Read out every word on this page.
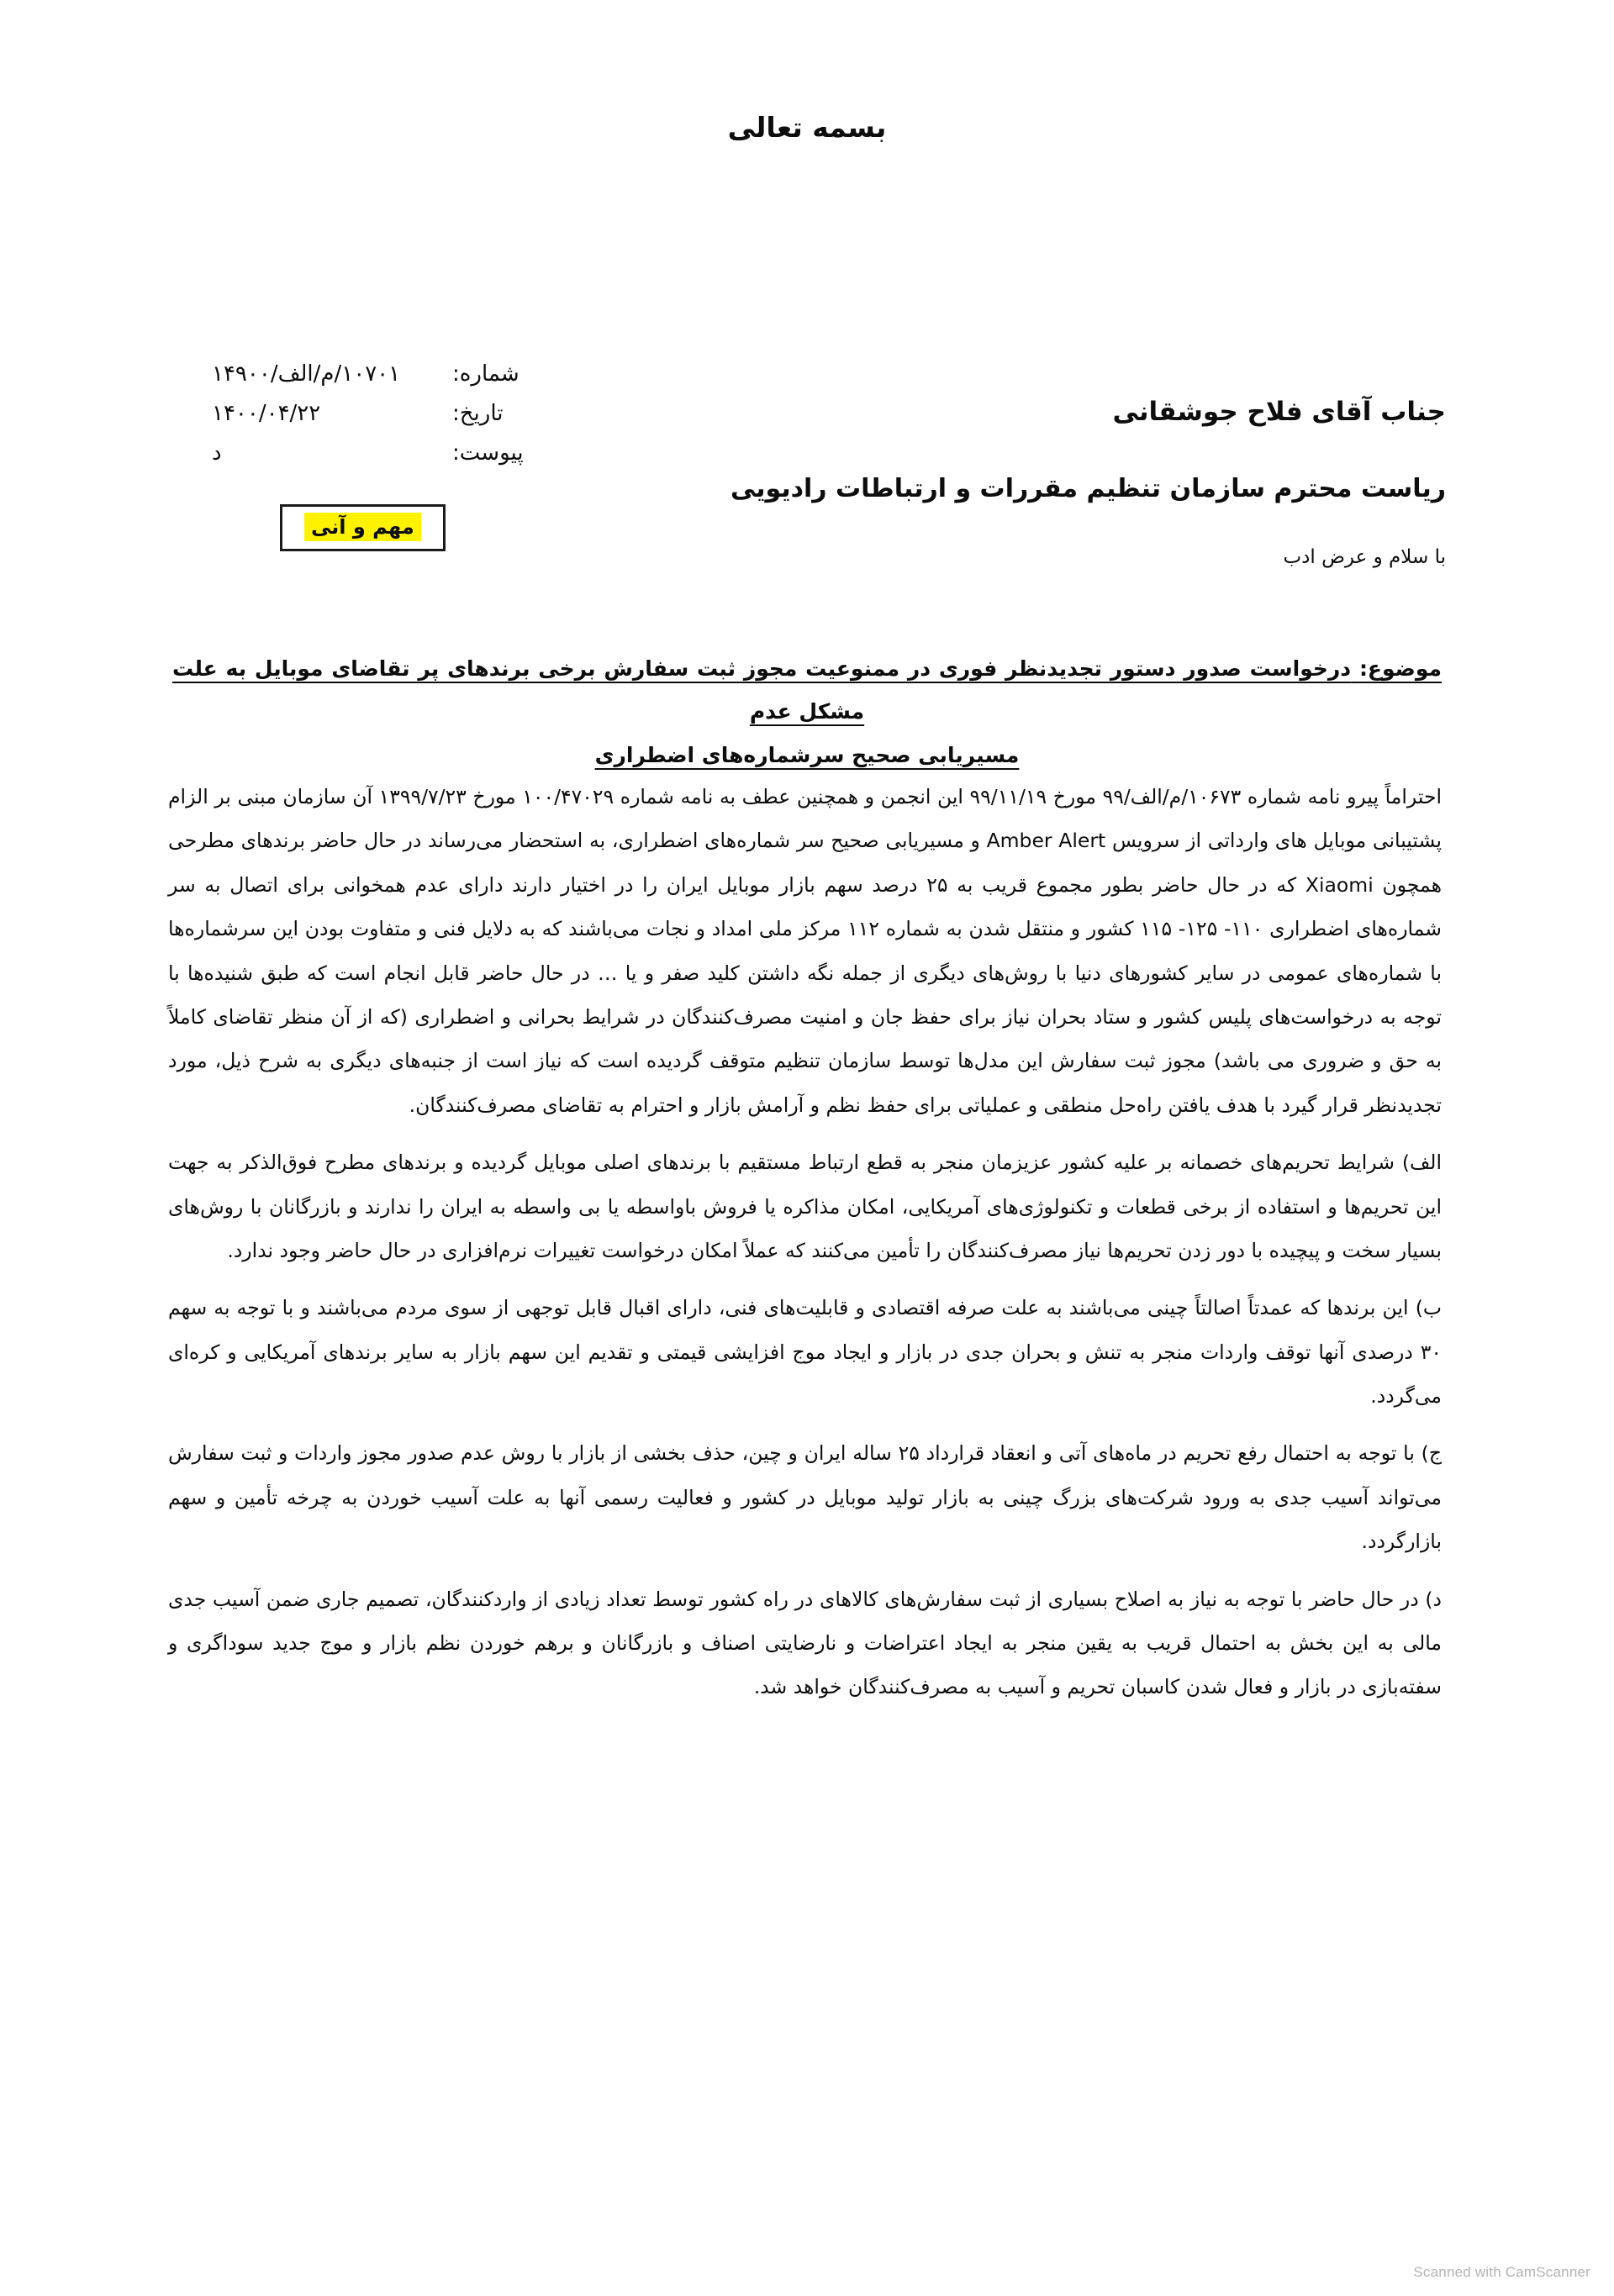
بسمه تعالی
شماره:
۱۰۷۰۱/م/الف/۱۴۹۰۰
تاریخ:
۱۴۰۰/۰۴/۲۲
پیوست:
د
مهم و آنی
جناب آقای فلاح جوشقانی
ریاست محترم سازمان تنظیم مقررات و ارتباطات رادیویی
با سلام و عرض ادب
موضوع: درخواست صدور دستور تجدیدنظر فوری در ممنوعیت مجوز ثبت سفارش برخی برندهای پر تقاضای موبایل به علت مشکل عدم
مسیریابی صحیح سرشماره‌های اضطراری

احتراماً پیرو نامه شماره ۱۰۶۷۳/م/الف/۹۹ مورخ ۹۹/۱۱/۱۹ این انجمن و همچنین عطف به نامه شماره ۱۰۰/۴۷۰۲۹ مورخ ۱۳۹۹/۷/۲۳ آن سازمان مبنی بر الزام پشتیبانی موبایل های وارداتی از سرویس Amber Alert و مسیریابی صحیح سر شماره‌های اضطراری، به استحضار می‌رساند در حال حاضر برندهای مطرحی همچون Xiaomi که در حال حاضر بطور مجموع قریب به ۲۵ درصد سهم بازار موبایل ایران را در اختیار دارند دارای عدم همخوانی برای اتصال به سر شماره‌های اضطراری ۱۱۰- ۱۲۵- ۱۱۵ کشور و منتقل شدن به شماره ۱۱۲ مرکز ملی امداد و نجات می‌باشند که به دلایل فنی و متفاوت بودن این سرشماره‌ها با شماره‌های عمومی در سایر کشورهای دنیا با روش‌های دیگری از جمله نگه داشتن کلید صفر و یا … در حال حاضر قابل انجام است که طبق شنیده‌ها با توجه به درخواست‌های پلیس کشور و ستاد بحران نیاز برای حفظ جان و امنیت مصرف‌کنندگان در شرایط بحرانی و اضطراری (که از آن منظر تقاضای کاملاً به حق و ضروری می باشد) مجوز ثبت سفارش این مدل‌ها توسط سازمان تنظیم متوقف گردیده است که نیاز است از جنبه‌های دیگری به شرح ذیل، مورد تجدیدنظر قرار گیرد با هدف یافتن راه‌حل منطقی و عملیاتی برای حفظ نظم و آرامش بازار و احترام به تقاضای مصرف‌کنندگان.

الف) شرایط تحریم‌های خصمانه بر علیه کشور عزیزمان منجر به قطع ارتباط مستقیم با برندهای اصلی موبایل گردیده و برندهای مطرح فوق‌الذکر به جهت این تحریم‌ها و استفاده از برخی قطعات و تکنولوژی‌های آمریکایی، امکان مذاکره یا فروش باواسطه یا بی واسطه به ایران را ندارند و بازرگانان با روش‌های بسیار سخت و پیچیده با دور زدن تحریم‌ها نیاز مصرف‌کنندگان را تأمین می‌کنند که عملاً امکان درخواست تغییرات نرم‌افزاری در حال حاضر وجود ندارد.

ب) این برندها که عمدتاً اصالتاً چینی می‌باشند به علت صرفه اقتصادی و قابلیت‌های فنی، دارای اقبال قابل توجهی از سوی مردم می‌باشند و با توجه به سهم ۳۰ درصدی آنها توقف واردات منجر به تنش و بحران جدی در بازار و ایجاد موج افزایشی قیمتی و تقدیم این سهم بازار به سایر برندهای آمریکایی و کره‌ای می‌گردد.

ج) با توجه به احتمال رفع تحریم در ماه‌های آتی و انعقاد قرارداد ۲۵ ساله ایران و چین، حذف بخشی از بازار با روش عدم صدور مجوز واردات و ثبت سفارش می‌تواند آسیب جدی به ورود شرکت‌های بزرگ چینی به بازار تولید موبایل در کشور و فعالیت رسمی آنها به علت آسیب خوردن به چرخه تأمین و سهم بازارگردد.

د) در حال حاضر با توجه به نیاز به اصلاح بسیاری از ثبت سفارش‌های کالاهای در راه کشور توسط تعداد زیادی از واردکنندگان، تصمیم جاری ضمن آسیب جدی مالی به این بخش به احتمال قریب به یقین منجر به ایجاد اعتراضات و نارضایتی اصناف و بازرگانان و برهم خوردن نظم بازار و موج جدید سوداگری و سفته‌بازی در بازار و فعال شدن کاسبان تحریم و آسیب به مصرف‌کنندگان خواهد شد.

Scanned with CamScanner
